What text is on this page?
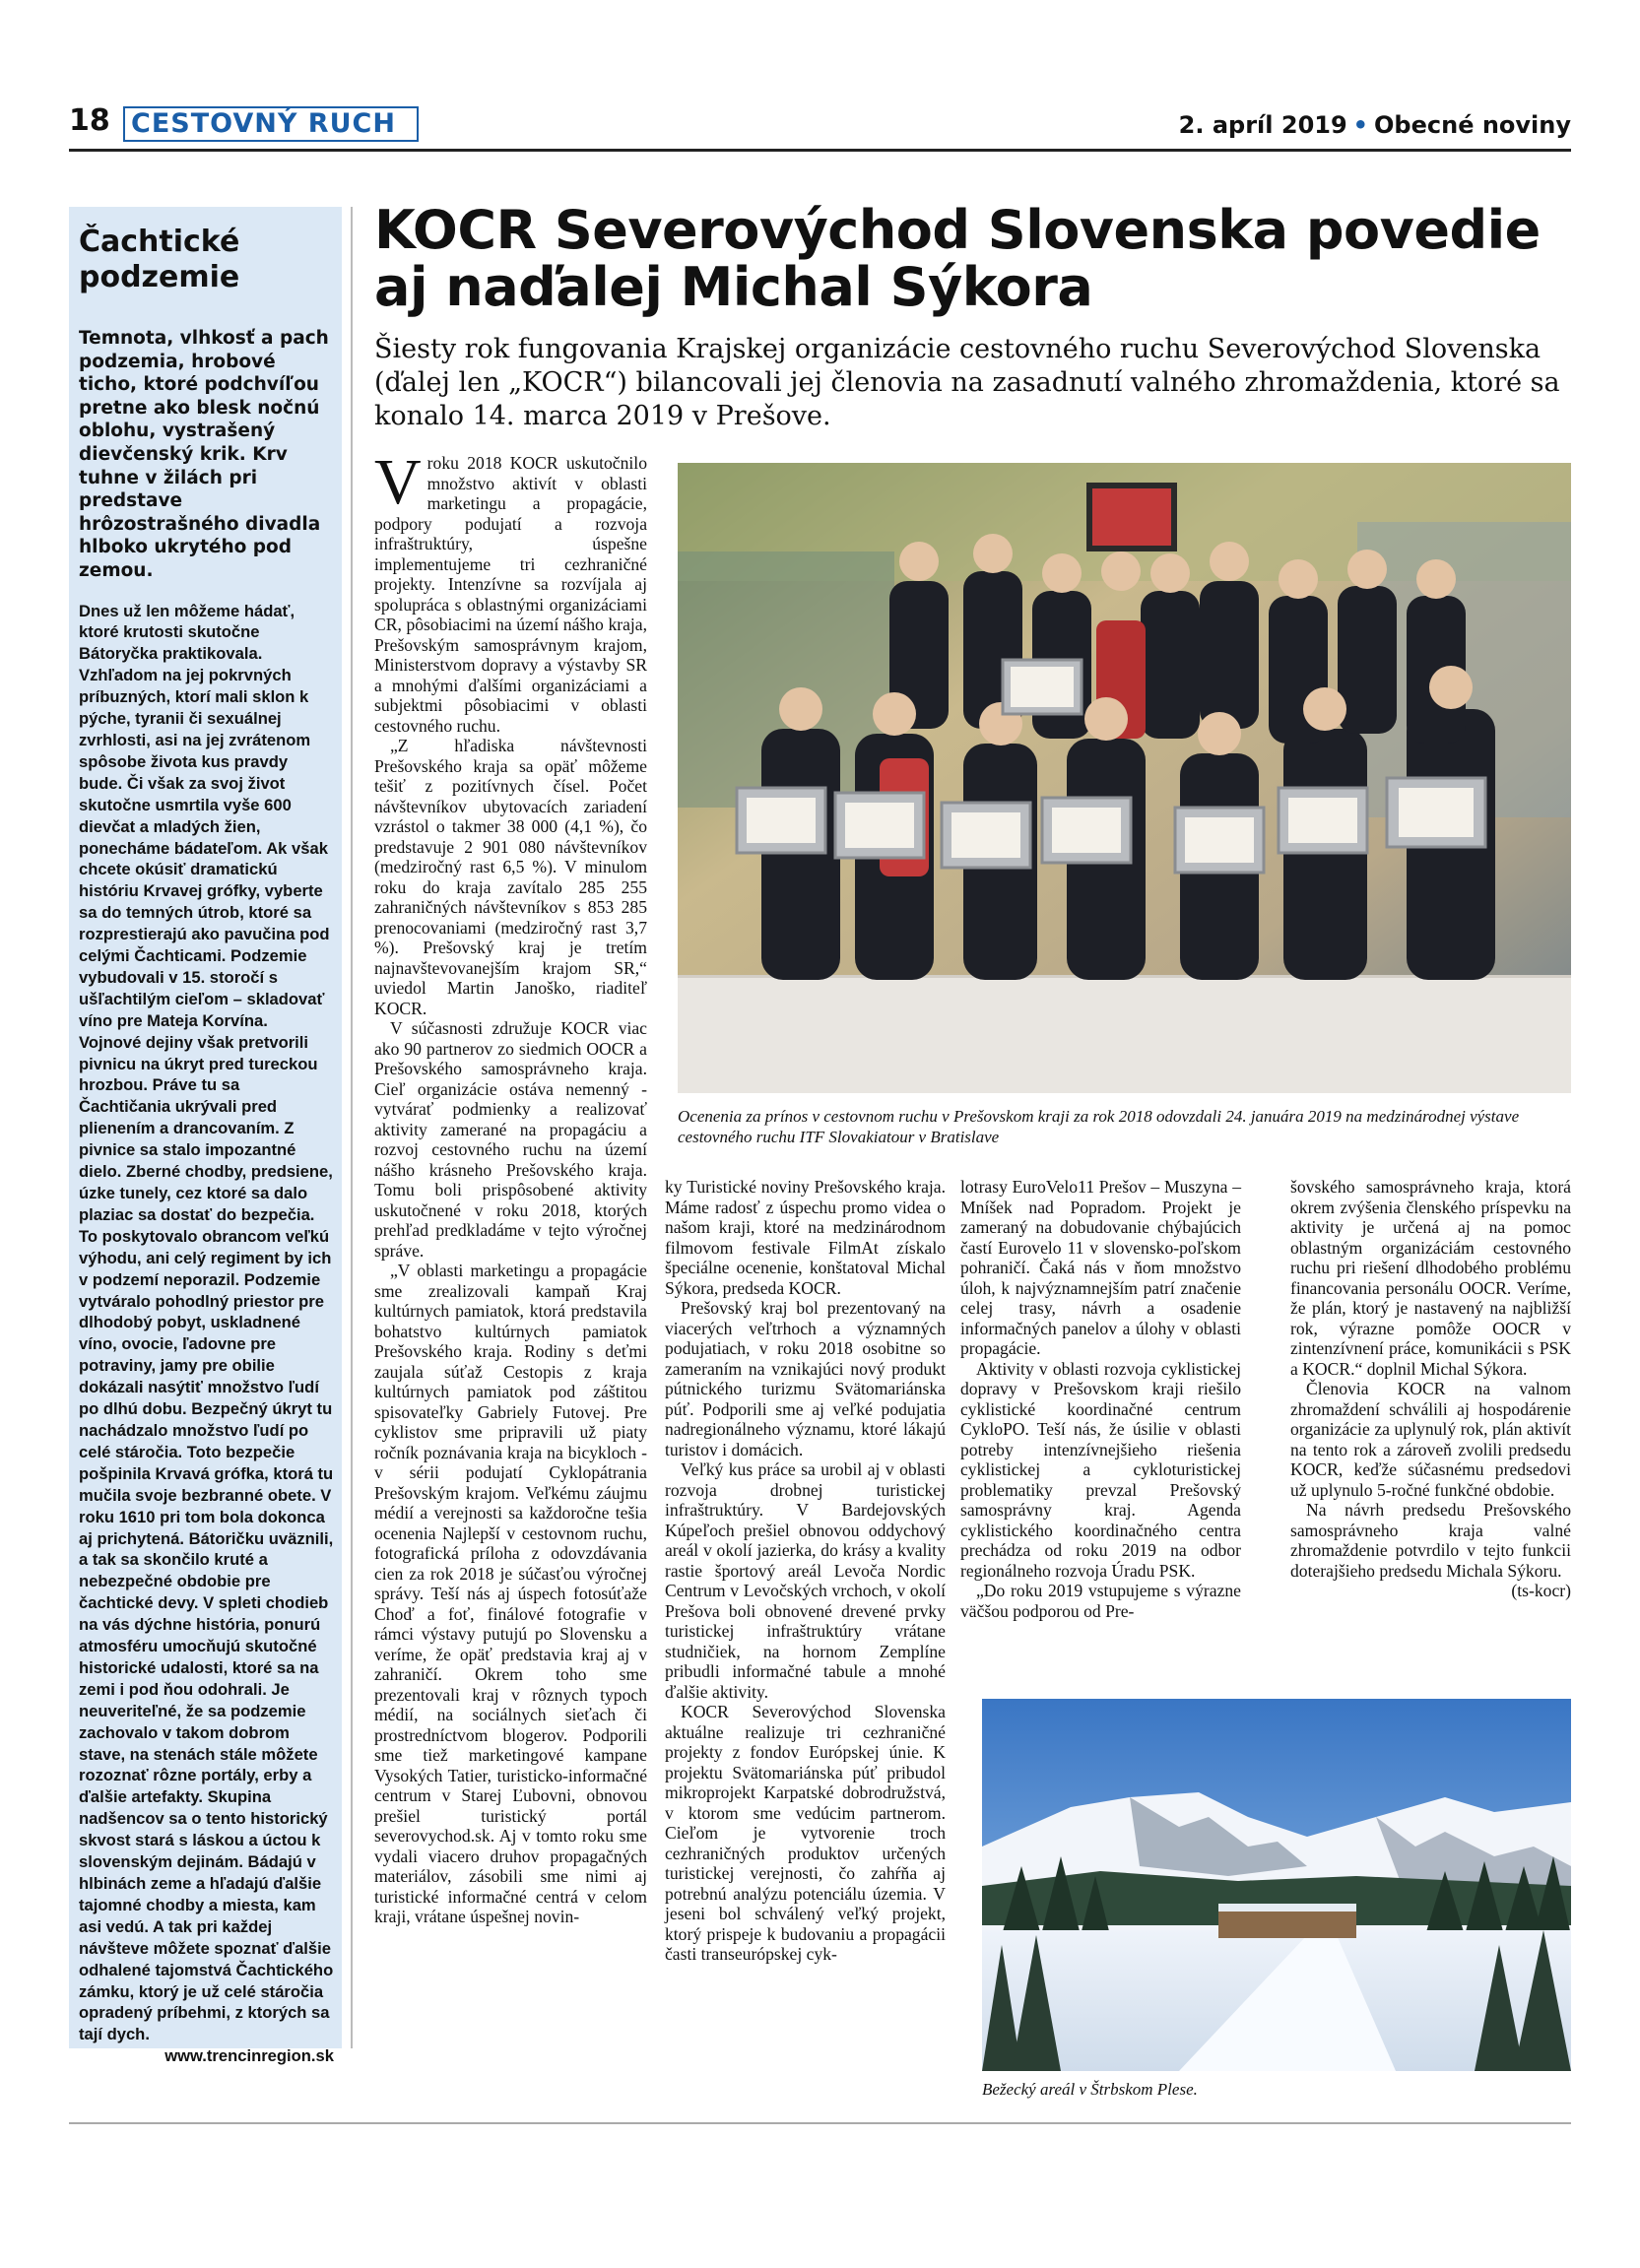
18 CESTOVNÝ RUCH	2. apríl 2019 • Obecné noviny
Čachtické
podzemie

Temnota, vlhkosť a pach podzemia, hrobové ticho, ktoré podchvíľou pretne ako blesk nočnú oblohu, vystrašený dievčenský krik. Krv tuhne v žilách pri predstave hrôzostrašného divadla hlboko ukrytého pod zemou.

Dnes už len môžeme hádať, ktoré krutosti skutočne Bátoryčka praktikovala. Vzhľadom na jej pokrvných príbuzných, ktorí mali sklon k pýche, tyranii či sexuálnej zvrhlosti, asi na jej zvrátenom spôsobe života kus pravdy bude. Či však za svoj život skutočne usmrtila vyše 600 dievčat a mladých žien, ponecháme bádateľom. Ak však chcete okúsiť dramatickú históriu Krvavej grófky, vyberte sa do temných útrob, ktoré sa rozprestierajú ako pavučina pod celými Čachticami. Podzemie vybudovali v 15. storočí s ušľachtilým cieľom – skladovať víno pre Mateja Korvína. Vojnové dejiny však pretvorili pivnicu na úkryt pred tureckou hrozbou. Práve tu sa Čachtičania ukrývali pred plienením a drancovaním. Z pivnice sa stalo impozantné dielo. Zberné chodby, predsiene, úzke tunely, cez ktoré sa dalo plaziac sa dostať do bezpečia. To poskytovalo obrancom veľkú výhodu, ani celý regiment by ich v podzemí neporazil. Podzemie vytváralo pohodlný priestor pre dlhodobý pobyt, uskladnené víno, ovocie, ľadovne pre potraviny, jamy pre obilie dokázali nasýtiť množstvo ľudí po dlhú dobu. Bezpečný úkryt tu nachádzalo množstvo ľudí po celé stáročia. Toto bezpečie pošpinila Krvavá grófka, ktorá tu mučila svoje bezbranné obete. V roku 1610 pri tom bola dokonca aj prichytená. Bátoričku uväznili, a tak sa skončilo kruté a nebezpečné obdobie pre čachtické devy. V spleti chodieb na vás dýchne história, ponurú atmosféru umocňujú skutočné historické udalosti, ktoré sa na zemi i pod ňou odohrali. Je neuveriteľné, že sa podzemie zachovalo v takom dobrom stave, na stenách stále môžete rozoznať rôzne portály, erby a ďalšie artefakty. Skupina nadšencov sa o tento historický skvost stará s láskou a úctou k slovenským dejinám. Bádajú v hlbinách zeme a hľadajú ďalšie tajomné chodby a miesta, kam asi vedú. A tak pri každej návšteve môžete spoznať ďalšie odhalené tajomstvá Čachtického zámku, ktorý je už celé stáročia opradený príbehmi, z ktorých sa tají dych.

www.trencinregion.sk

KOCR Severovýchod Slovenska povedie aj naďalej Michal Sýkora

Šiesty rok fungovania Krajskej organizácie cestovného ruchu Severovýchod Slovenska (ďalej len „KOCR“) bilancovali jej členovia na zasadnutí valného zhromaždenia, ktoré sa konalo 14. marca 2019 v Prešove.

V roku 2018 KOCR uskutočnilo množstvo aktivít v oblasti marketingu a propagácie, podpory podujatí a rozvoja infraštruktúry, úspešne implementujeme tri cezhraničné projekty. Intenzívne sa rozvíjala aj spolupráca s oblastnými organizáciami CR, pôsobiacimi na území nášho kraja, Prešovským samosprávnym krajom, Ministerstvom dopravy a výstavby SR a mnohými ďalšími organizáciami a subjektmi pôsobiacimi v oblasti cestovného ruchu.

„Z hľadiska návštevnosti Prešovského kraja sa opäť môžeme tešiť z pozitívnych čísel. Počet návštevníkov ubytovacích zariadení vzrástol o takmer 38 000 (4,1 %), čo predstavuje 2 901 080 návštevníkov (medziročný rast 6,5 %). V minulom roku do kraja zavítalo 285 255 zahraničných návštevníkov s 853 285 prenocovaniami (medziročný rast 3,7 %). Prešovský kraj je tretím najnavštevovanejším krajom SR,“ uviedol Martin Janoško, riaditeľ KOCR.

V súčasnosti združuje KOCR viac ako 90 partnerov zo siedmich OOCR a Prešovského samosprávneho kraja. Cieľ organizácie ostáva nemenný - vytvárať podmienky a realizovať aktivity zamerané na propagáciu a rozvoj cestovného ruchu na území nášho krásneho Prešovského kraja. Tomu boli prispôsobené aktivity uskutočnené v roku 2018, ktorých prehľad predkladáme v tejto výročnej správe.

„V oblasti marketingu a propagácie sme zrealizovali kampaň Kraj kultúrnych pamiatok, ktorá predstavila bohatstvo kultúrnych pamiatok Prešovského kraja. Rodiny s deťmi zaujala súťaž Cestopis z kraja kultúrnych pamiatok pod záštitou spisovateľky Gabriely Futovej. Pre cyklistov sme pripravili už piaty ročník poznávania kraja na bicykloch - v sérii podujatí Cyklopátrania Prešovským krajom. Veľkému záujmu médií a verejnosti sa každoročne tešia ocenenia Najlepší v cestovnom ruchu, fotografická príloha z odovzdávania cien za rok 2018 je súčasťou výročnej správy. Teší nás aj úspech fotosúťaže Choď a foť, finálové fotografie v rámci výstavy putujú po Slovensku a veríme, že opäť predstavia kraj aj v zahraničí. Okrem toho sme prezentovali kraj v rôznych typoch médií, na sociálnych sieťach či prostredníctvom blogerov. Podporili sme tiež marketingové kampane Vysokých Tatier, turisticko-informačné centrum v Starej Ľubovni, obnovou prešiel turistický portál severovychod.sk. Aj v tomto roku sme vydali viacero druhov propagačných materiálov, zásobili sme nimi aj turistické informačné centrá v celom kraji, vrátane úspešnej novin-

Ocenenia za prínos v cestovnom ruchu v Prešovskom kraji za rok 2018 odovzdali 24. januára 2019 na medzinárodnej výstave cestovného ruchu ITF Slovakiatour v Bratislave

ky Turistické noviny Prešovského kraja. Máme radosť z úspechu promo videa o našom kraji, ktoré na medzinárodnom filmovom festivale FilmAt získalo špeciálne ocenenie, konštatoval Michal Sýkora, predseda KOCR.

Prešovský kraj bol prezentovaný na viacerých veľtrhoch a významných podujatiach, v roku 2018 osobitne so zameraním na vznikajúci nový produkt pútnického turizmu Svätomariánska púť. Podporili sme aj veľké podujatia nadregionálneho významu, ktoré lákajú turistov i domácich.

Veľký kus práce sa urobil aj v oblasti rozvoja drobnej turistickej infraštruktúry. V Bardejovských Kúpeľoch prešiel obnovou oddychový areál v okolí jazierka, do krásy a kvality rastie športový areál Levoča Nordic Centrum v Levočských vrchoch, v okolí Prešova boli obnovené drevené prvky turistickej infraštruktúry vrátane studničiek, na hornom Zemplíne pribudli informačné tabule a mnohé ďalšie aktivity.

KOCR Severovýchod Slovenska aktuálne realizuje tri cezhraničné projekty z fondov Európskej únie. K projektu Svätomariánska púť pribudol mikroprojekt Karpatské dobrodružstvá, v ktorom sme vedúcim partnerom. Cieľom je vytvorenie troch cezhraničných produktov určených turistickej verejnosti, čo zahŕňa aj potrebnú analýzu potenciálu územia. V jeseni bol schválený veľký projekt, ktorý prispeje k budovaniu a propagácii časti transeurópskej cyk-

lotrasy EuroVelo11 Prešov – Muszyna – Mníšek nad Popradom. Projekt je zameraný na dobudovanie chýbajúcich častí Eurovelo 11 v slovensko-poľskom pohraničí. Čaká nás v ňom množstvo úloh, k najvýznamnejším patrí značenie celej trasy, návrh a osadenie informačných panelov a úlohy v oblasti propagácie.

Aktivity v oblasti rozvoja cyklistickej dopravy v Prešovskom kraji riešilo cyklistické koordinačné centrum CykloPO. Teší nás, že úsilie v oblasti potreby intenzívnejšieho riešenia cyklistickej a cykloturistickej problematiky prevzal Prešovský samosprávny kraj. Agenda cyklistického koordinačného centra prechádza od roku 2019 na odbor regionálneho rozvoja Úradu PSK.

„Do roku 2019 vstupujeme s výrazne väčšou podporou od Pre-

šovského samosprávneho kraja, ktorá okrem zvýšenia členského príspevku na aktivity je určená aj na pomoc oblastným organizáciám cestovného ruchu pri riešení dlhodobého problému financovania personálu OOCR. Veríme, že plán, ktorý je nastavený na najbližší rok, výrazne pomôže OOCR v zintenzívnení práce, komunikácii s PSK a KOCR.“ doplnil Michal Sýkora.

Členovia KOCR na valnom zhromaždení schválili aj hospodárenie organizácie za uplynulý rok, plán aktivít na tento rok a zároveň zvolili predsedu KOCR, keďže súčasnému predsedovi už uplynulo 5-ročné funkčné obdobie.

Na návrh predsedu Prešovského samosprávneho kraja valné zhromaždenie potvrdilo v tejto funkcii doterajšieho predsedu Michala Sýkoru.

(ts-kocr)

Bežecký areál v Štrbskom Plese.
